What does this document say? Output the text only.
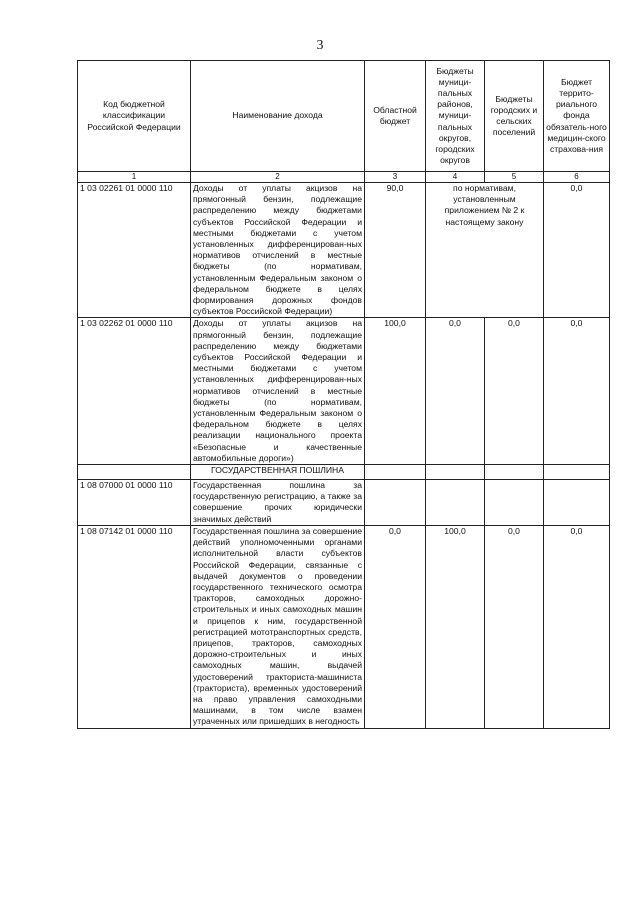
3
Код бюджетной классификации Российской Федерации	Наименование дохода	Областной бюджет	Бюджеты муници-пальных районов, муници-пальных округов, городских округов	Бюджеты городских и сельских поселений	Бюджет террито-риального фонда обязатель-ного медицин-ского страхова-ния
1	2	3	4	5	6
1 03 02261 01 0000 110	Доходы от уплаты акцизов на прямогонный бензин, подлежащие распределению между бюджетами субъектов Российской Федерации и местными бюджетами с учетом установленных дифференцирован-ных нормативов отчислений в местные бюджеты (по нормативам, установленным Федеральным законом о федеральном бюджете в целях формирования дорожных фондов субъектов Российской Федерации)	90,0	по нормативам, установленным приложением № 2 к настоящему закону		0,0
1 03 02262 01 0000 110	Доходы от уплаты акцизов на прямогонный бензин, подлежащие распределению между бюджетами субъектов Российской Федерации и местными бюджетами с учетом установленных дифференцирован-ных нормативов отчислений в местные бюджеты (по нормативам, установленным Федеральным законом о федеральном бюджете в целях реализации национального проекта «Безопасные и качественные автомобильные дороги»)	100,0	0,0	0,0	0,0
	ГОСУДАРСТВЕННАЯ ПОШЛИНА				
1 08 07000 01 0000 110	Государственная пошлина за государственную регистрацию, а также за совершение прочих юридически значимых действий				
1 08 07142 01 0000 110	Государственная пошлина за совершение действий уполномоченными органами исполнительной власти субъектов Российской Федерации, связанные с выдачей документов о проведении государственного технического осмотра тракторов, самоходных дорожно-строительных и иных самоходных машин и прицепов к ним, государственной регистрацией мототранспортных средств, прицепов, тракторов, самоходных дорожно-строительных и иных самоходных машин, выдачей удостоверений тракториста-машиниста (тракториста), временных удостоверений на право управления самоходными машинами, в том числе взамен утраченных или пришедших в негодность	0,0	100,0	0,0	0,0
